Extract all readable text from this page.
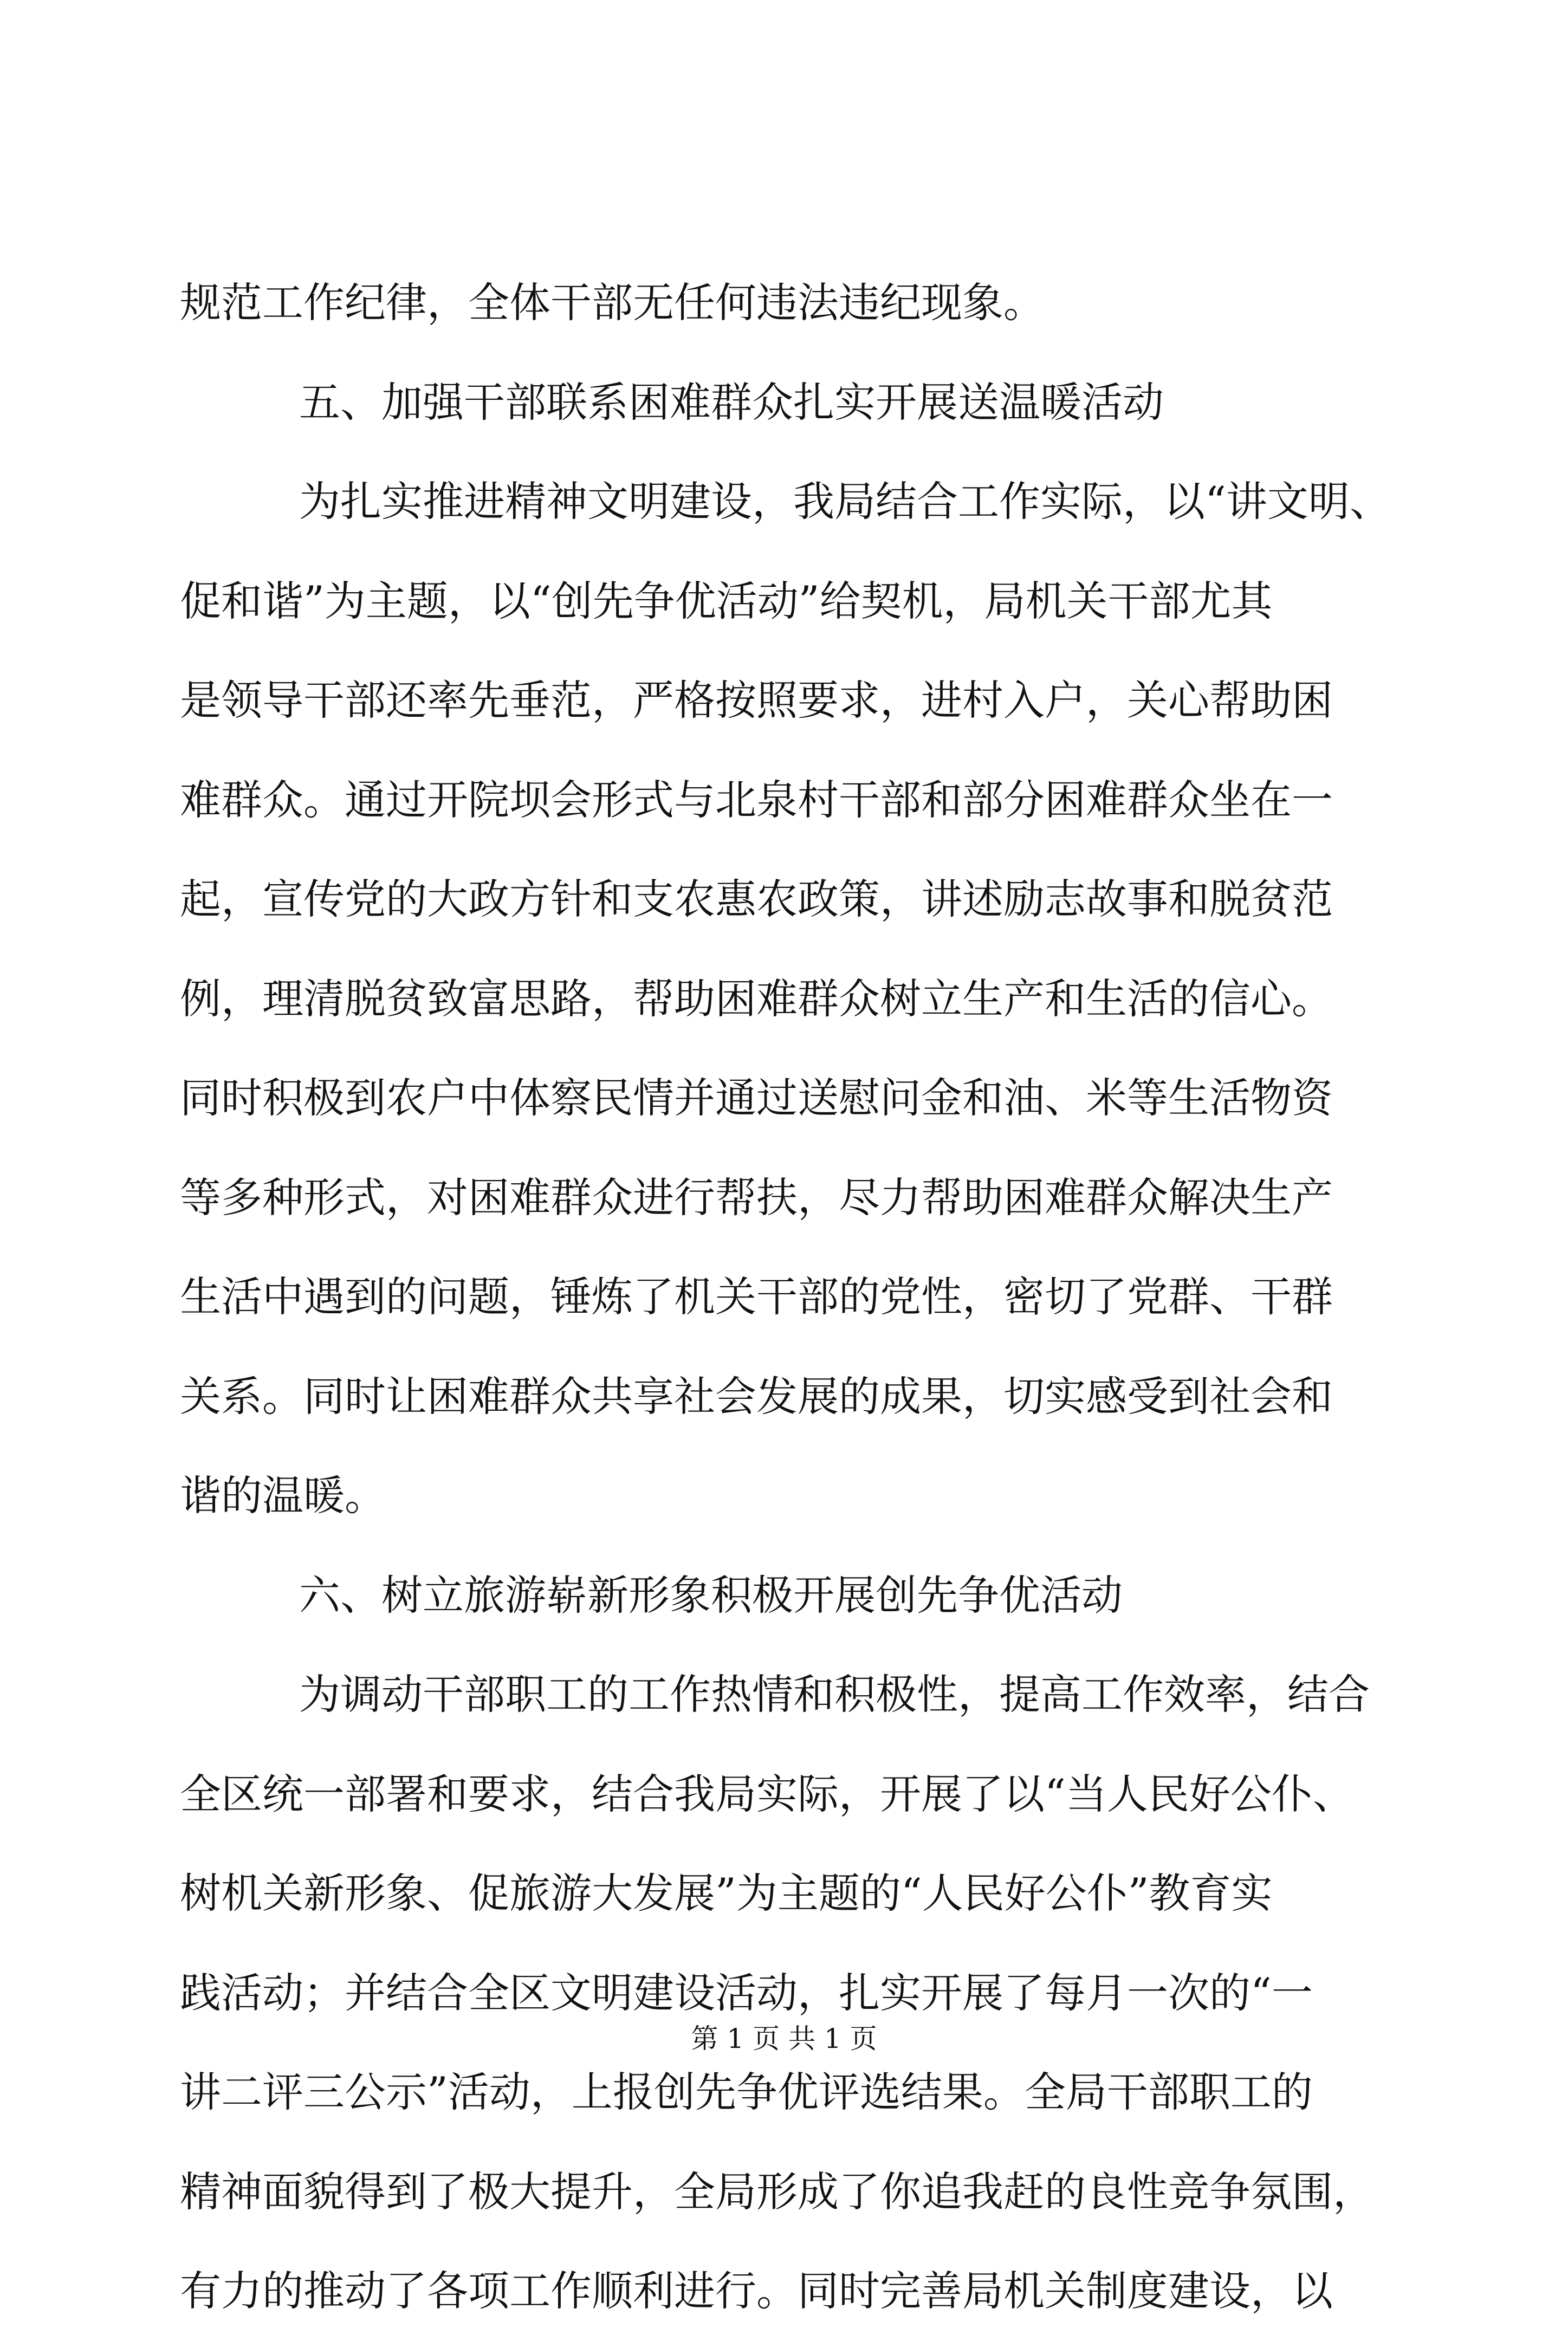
规范工作纪律，全体干部无任何违法违纪现象。
五、加强干部联系困难群众扎实开展送温暖活动
为扎实推进精神文明建设，我局结合工作实际，以“讲文明、
促和谐”为主题，以“创先争优活动”给契机，局机关干部尤其
是领导干部还率先垂范，严格按照要求，进村入户，关心帮助困
难群众。通过开院坝会形式与北泉村干部和部分困难群众坐在一
起，宣传党的大政方针和支农惠农政策，讲述励志故事和脱贫范
例，理清脱贫致富思路，帮助困难群众树立生产和生活的信心。
同时积极到农户中体察民情并通过送慰问金和油、米等生活物资
等多种形式，对困难群众进行帮扶，尽力帮助困难群众解决生产
生活中遇到的问题，锤炼了机关干部的党性，密切了党群、干群
关系。同时让困难群众共享社会发展的成果，切实感受到社会和
谐的温暖。
六、树立旅游崭新形象积极开展创先争优活动
为调动干部职工的工作热情和积极性，提高工作效率，结合
全区统一部署和要求，结合我局实际，开展了以“当人民好公仆、
树机关新形象、促旅游大发展”为主题的“人民好公仆”教育实
践活动；并结合全区文明建设活动，扎实开展了每月一次的“一
讲二评三公示”活动，上报创先争优评选结果。全局干部职工的
精神面貌得到了极大提升，全局形成了你追我赶的良性竞争氛围，
有力的推动了各项工作顺利进行。同时完善局机关制度建设，以
第 1 页 共 1 页
